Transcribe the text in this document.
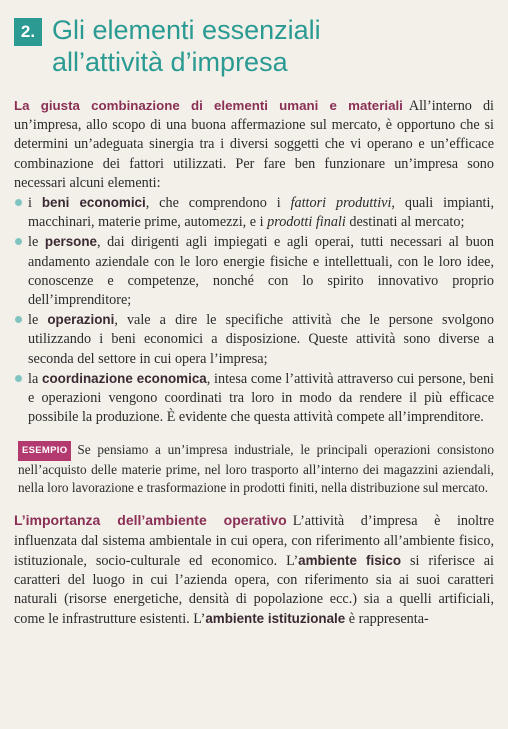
2. Gli elementi essenziali
all’attività d’impresa

La giusta combinazione di elementi umani e materiali All’interno di un’impresa, allo scopo di una buona affermazione sul mercato, è opportuno che si determini un’adeguata sinergia tra i diversi soggetti che vi operano e un’efficace combinazione dei fattori utilizzati. Per fare ben funzionare un’impresa sono necessari alcuni elementi:

i beni economici, che comprendono i fattori produttivi, quali impianti, macchinari, materie prime, automezzi, e i prodotti finali destinati al mercato;
le persone, dai dirigenti agli impiegati e agli operai, tutti necessari al buon andamento aziendale con le loro energie fisiche e intellettuali, con le loro idee, conoscenze e competenze, nonché con lo spirito innovativo proprio dell’imprenditore;
le operazioni, vale a dire le specifiche attività che le persone svolgono utilizzando i beni economici a disposizione. Queste attività sono diverse a seconda del settore in cui opera l’impresa;
la coordinazione economica, intesa come l’attività attraverso cui persone, beni e operazioni vengono coordinati tra loro in modo da rendere il più efficace possibile la produzione. È evidente che questa attività compete all’imprenditore.

ESEMPIO Se pensiamo a un’impresa industriale, le principali operazioni consistono nell’acquisto delle materie prime, nel loro trasporto all’interno dei magazzini aziendali, nella loro lavorazione e trasformazione in prodotti finiti, nella distribuzione sul mercato.

L’importanza dell’ambiente operativo L’attività d’impresa è inoltre influenzata dal sistema ambientale in cui opera, con riferimento all’ambiente fisico, istituzionale, socio-culturale ed economico. L’ambiente fisico si riferisce ai caratteri del luogo in cui l’azienda opera, con riferimento sia ai suoi caratteri naturali (risorse energetiche, densità di popolazione ecc.) sia a quelli artificiali, come le infrastrutture esistenti. L’ambiente istituzionale è rappresenta-
